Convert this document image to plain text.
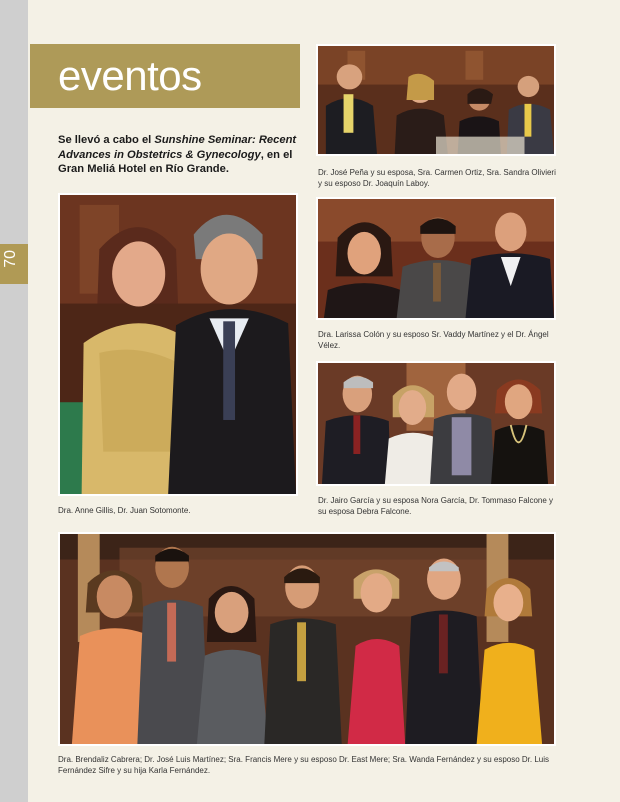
70
eventos

Se llevó a cabo el Sunshine Seminar: Recent Advances in Obstetrics & Gynecology, en el Gran Meliá Hotel en Río Grande.	Dr. José Peña y su esposa, Sra. Carmen Ortiz, Sra. Sandra Olivieri y su esposo Dr. Joaquín Laboy.
Dra. Anne Gillis, Dr. Juan Sotomonte.
Dra. Larissa Colón y su esposo Sr. Vaddy Martínez y el Dr. Ángel Vélez.
Dr. Jairo García y su esposa Nora García, Dr. Tommaso Falcone y su esposa Debra Falcone.
Dra. Brendaliz Cabrera; Dr. José Luis Martínez; Sra. Francis Mere y su esposo Dr. East Mere; Sra. Wanda Fernández y su esposo Dr. Luis Fernández Sifre y su hija Karla Fernández.
